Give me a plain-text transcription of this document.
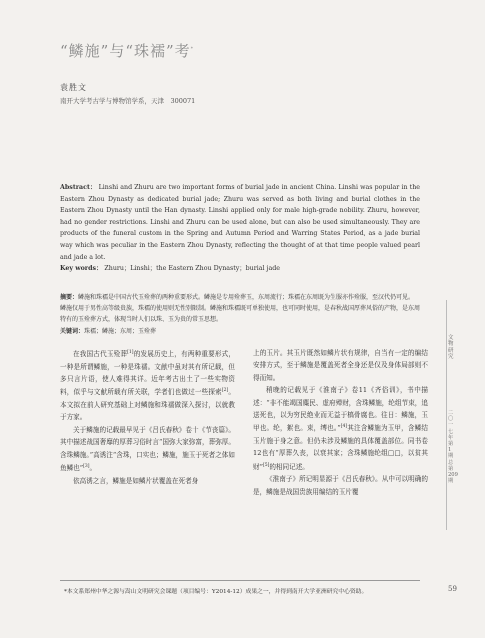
“鳞施”与“珠襦”考*
袁胜文
南开大学考古学与博物馆学系，天津　300071
Abstract： Linshi and Zhuru are two important forms of burial jade in ancient China. Linshi was popular in the Eastern Zhou Dynasty as dedicated burial jade; Zhuru was served as both living and burial clothes in the Eastern Zhou Dynasty until the Han dynasty. Linshi applied only for male high-grade nobility. Zhuru, however, had no gender restrictions. Linshi and Zhuru can be used alone, but can also be used simultaneously. They are products of the funeral custom in the Spring and Autumn Period and Warring States Period, as a jade burial way which was peculiar in the Eastern Zhou Dynasty, reflecting the thought of at that time people valued pearl and jade a lot.
Key words： Zhuru；Linshi；the Eastern Zhou Dynasty；burial jade
摘要：鳞施和珠襦是中国古代玉殓葬的两种重要形式。鳞施是专用殓葬玉，东周流行；珠襦在东周既为生服亦作殓服，至汉代仍可见。鳞施仅用于男性高等级贵族，珠襦的使用则无性别限制。鳞施和珠襦既可单独使用，也可同时使用，是春秋战国厚葬风俗的产物，是东周特有的玉殓葬方式，体现当时人们以珠、玉为贵的常玉思想。
关键词：珠襦；鳞施；东周；玉殓葬

在我国古代玉殓葬[1]的发展历史上，有两种重要形式，一种是所谓鳞施，一种是珠襦。文献中虽对其有所记载，但多只言片语，使人难得其详。近年考古出土了一些实物资料，似乎与文献所载有所关联，学者们也做过一些探索[2]。本文拟在前人研究基础上对鳞施和珠襦做深入探讨，以就教于方家。

关于鳞施的记载最早见于《吕氏春秋》卷十《节丧篇》。其中描述战国奢靡的厚葬习俗时言“国弥大家弥富，葬弥厚。含珠鳞施。”高诱注“含珠，口实也；鳞施，施玉于死者之体如鱼鳞也”[3]。

依高诱之言，鳞施是如鳞片状覆盖在死者身

上的玉片。其玉片既然如鳞片状有规律，自当有一定的编结安排方式，至于鳞施是覆盖死者全身还是仅及身体局部则不得而知。

稍晚的记载见于《淮南子》卷11《齐俗训》，书中描述：“非不能竭国麋民、虚府殚财，含珠鳞施，纶组节束，追送死也，以为穷民绝业而无益于槁骨腐也。往日：鳞施，玉甲也。纶，絮也。束，缚也。”[4]其注含鳞施为玉甲，含鳞结玉片施于身之意。但仍未涉及鳞施的具体覆盖部位。同书卷12也有“厚葬久丧，以衰其家；含珠鳞施纶组□□，以贫其财”[5]的相同记述。

《淮南子》所记明显源于《吕氏春秋》。从中可以明确的是，鳞施是战国贵族用编结的玉片覆

文物研究
二〇一七年第1期 总第209期
*本文系郑州中华之源与嵩山文明研究会课题（项目编号：Y2014-12）成果之一，并得到南开大学亚洲研究中心资助。	59
